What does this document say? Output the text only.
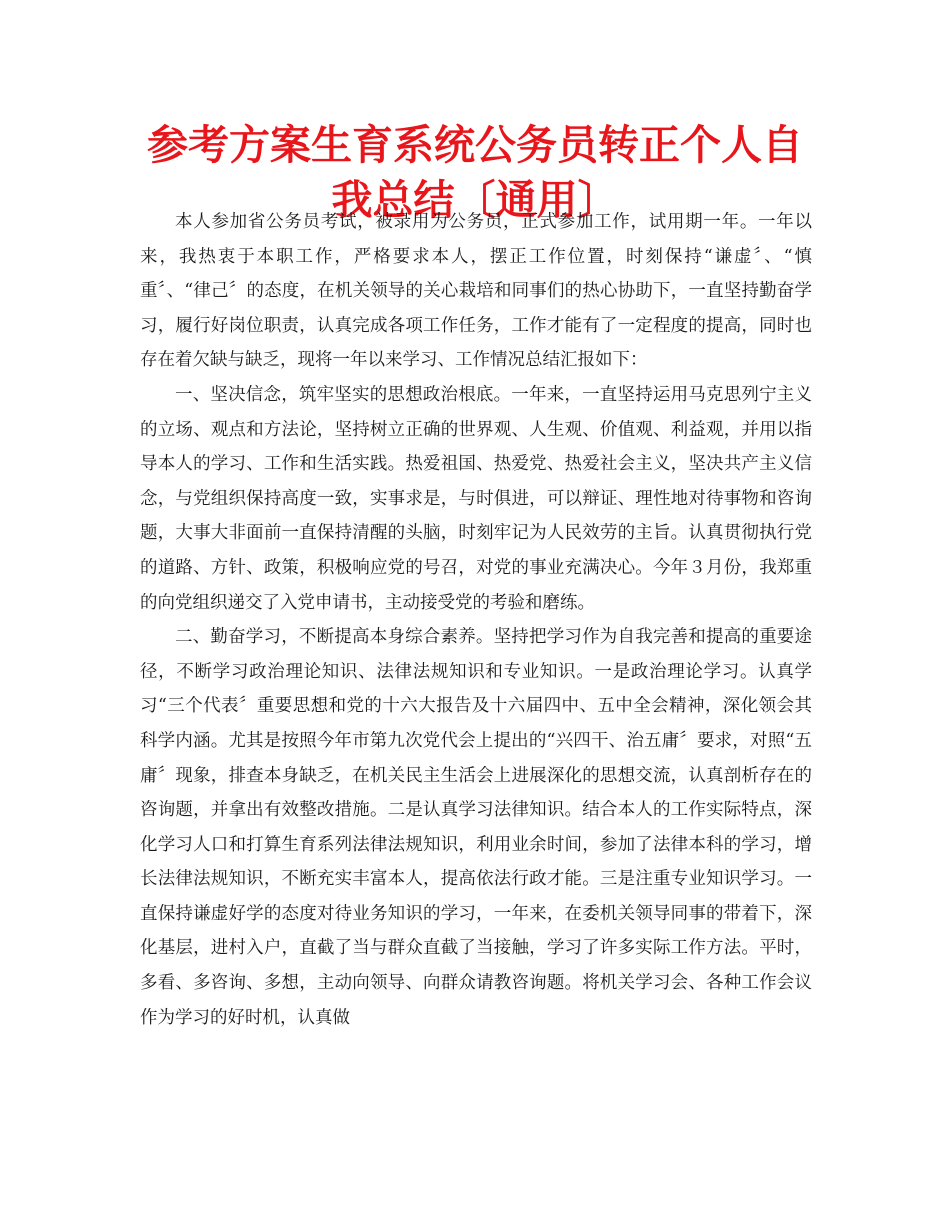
参考方案生育系统公务员转正个人自我总结〔通用〕

本人参加省公务员考试，被录用为公务员，正式参加工作，试用期一年。一年以来，我热衷于本职工作，严格要求本人，摆正工作位置，时刻保持“谦虚〞、“慎重〞、“律己〞的态度，在机关领导的关心栽培和同事们的热心协助下，一直坚持勤奋学习，履行好岗位职责，认真完成各项工作任务，工作才能有了一定程度的提高，同时也存在着欠缺与缺乏，现将一年以来学习、工作情况总结汇报如下：

一、坚决信念，筑牢坚实的思想政治根底。一年来，一直坚持运用马克思列宁主义的立场、观点和方法论，坚持树立正确的世界观、人生观、价值观、利益观，并用以指导本人的学习、工作和生活实践。热爱祖国、热爱党、热爱社会主义，坚决共产主义信念，与党组织保持高度一致，实事求是，与时俱进，可以辩证、理性地对待事物和咨询题，大事大非面前一直保持清醒的头脑，时刻牢记为人民效劳的主旨。认真贯彻执行党的道路、方针、政策，积极响应党的号召，对党的事业充满决心。今年３月份，我郑重的向党组织递交了入党申请书，主动接受党的考验和磨练。

二、勤奋学习，不断提高本身综合素养。坚持把学习作为自我完善和提高的重要途径，不断学习政治理论知识、法律法规知识和专业知识。一是政治理论学习。认真学习“三个代表〞重要思想和党的十六大报告及十六届四中、五中全会精神，深化领会其科学内涵。尤其是按照今年市第九次党代会上提出的“兴四干、治五庸〞要求，对照“五庸〞现象，排查本身缺乏，在机关民主生活会上进展深化的思想交流，认真剖析存在的咨询题，并拿出有效整改措施。二是认真学习法律知识。结合本人的工作实际特点，深化学习人口和打算生育系列法律法规知识，利用业余时间，参加了法律本科的学习，增长法律法规知识，不断充实丰富本人，提高依法行政才能。三是注重专业知识学习。一直保持谦虚好学的态度对待业务知识的学习，一年来，在委机关领导同事的带着下，深化基层，进村入户，直截了当与群众直截了当接触，学习了许多实际工作方法。平时，多看、多咨询、多想，主动向领导、向群众请教咨询题。将机关学习会、各种工作会议作为学习的好时机，认真做
